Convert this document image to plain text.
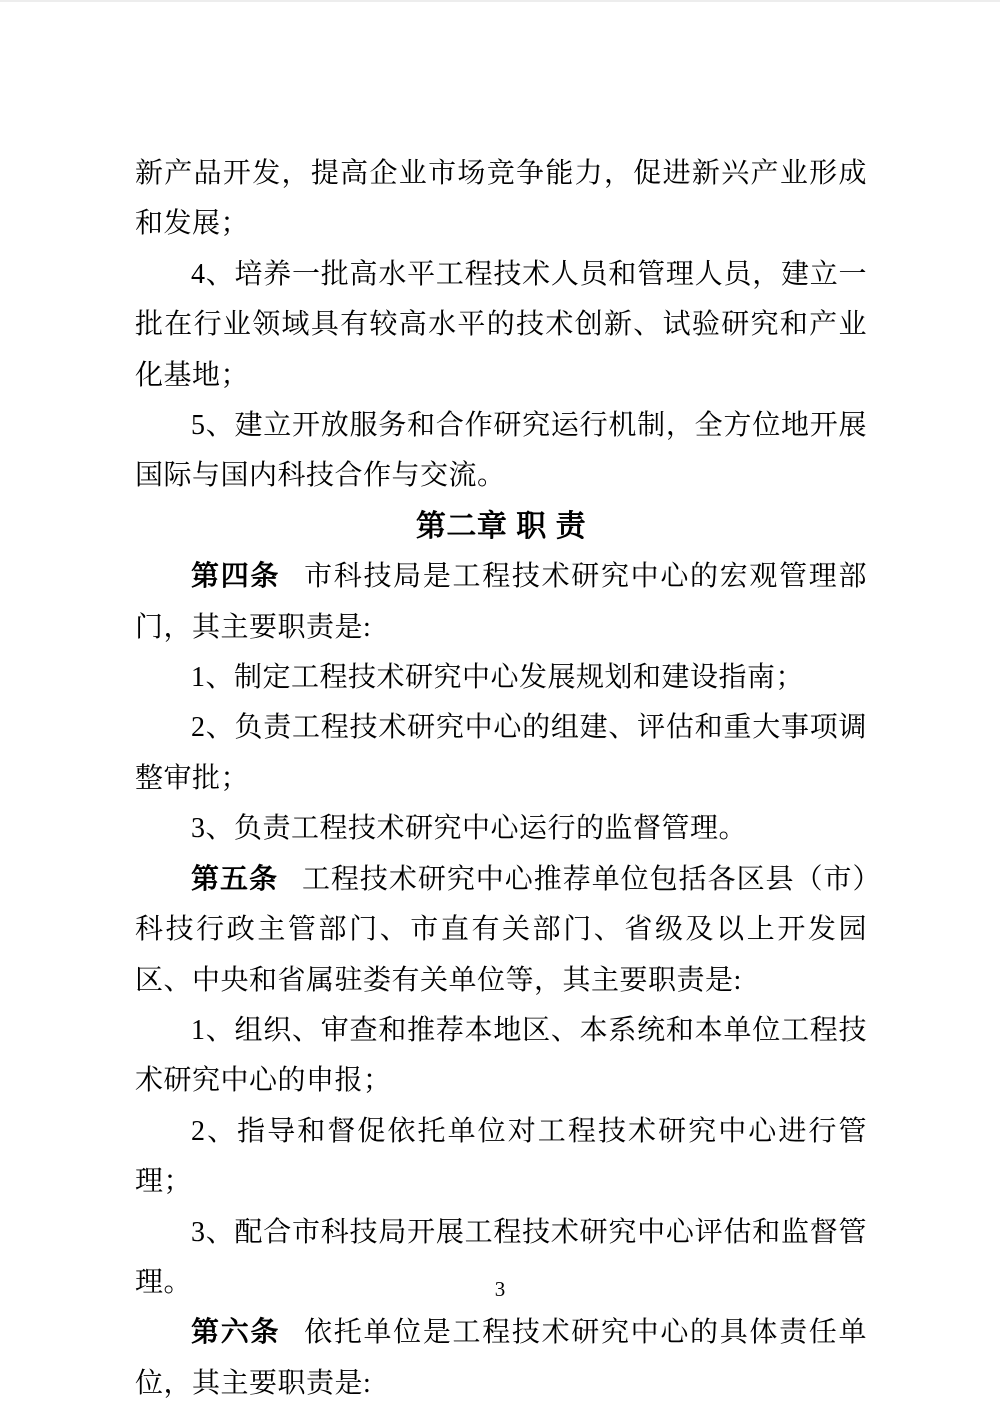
新产品开发，提高企业市场竞争能力，促进新兴产业形成和发展；

4、培养一批高水平工程技术人员和管理人员，建立一批在行业领域具有较高水平的技术创新、试验研究和产业化基地；

5、建立开放服务和合作研究运行机制，全方位地开展国际与国内科技合作与交流。

第二章 职 责

第四条 市科技局是工程技术研究中心的宏观管理部门，其主要职责是:

1、制定工程技术研究中心发展规划和建设指南；

2、负责工程技术研究中心的组建、评估和重大事项调整审批；

3、负责工程技术研究中心运行的监督管理。

第五条 工程技术研究中心推荐单位包括各区县（市）科技行政主管部门、市直有关部门、省级及以上开发园区、中央和省属驻娄有关单位等，其主要职责是:

1、组织、审查和推荐本地区、本系统和本单位工程技术研究中心的申报；

2、指导和督促依托单位对工程技术研究中心进行管理；

3、配合市科技局开展工程技术研究中心评估和监督管理。

第六条 依托单位是工程技术研究中心的具体责任单位，其主要职责是:

3
